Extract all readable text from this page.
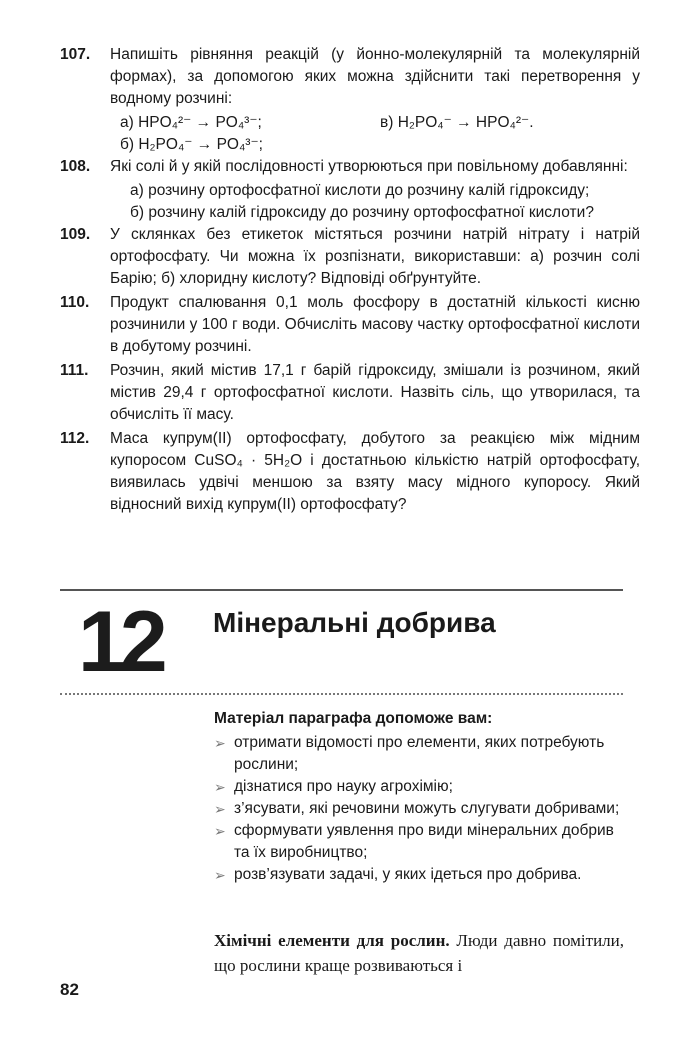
107.	Напишіть рівняння реакцій (у йонно-молекулярній та молекулярній формах), за допомогою яких можна здійснити такі перетворення у водному розчині:
а) HPO₄²⁻ → PO₄³⁻;	в) H₂PO₄⁻ → HPO₄²⁻.
б) H₂PO₄⁻ → PO₄³⁻;
108.	Які солі й у якій послідовності утворюються при повільному добавлянні:
а) розчину ортофосфатної кислоти до розчину калій гідроксиду;
б) розчину калій гідроксиду до розчину ортофосфатної кислоти?
109.	У склянках без етикеток містяться розчини натрій нітрату і натрій ортофосфату. Чи можна їх розпізнати, використавши: а) розчин солі Барію; б) хлоридну кислоту? Відповіді обґрунтуйте.
110.	Продукт спалювання 0,1 моль фосфору в достатній кількості кисню розчинили у 100 г води. Обчисліть масову частку ортофосфатної кислоти в добутому розчині.
111.	Розчин, який містив 17,1 г барій гідроксиду, змішали із розчином, який містив 29,4 г ортофосфатної кислоти. Назвіть сіль, що утворилася, та обчисліть її масу.
112.	Маса купрум(ІІ) ортофосфату, добутого за реакцією між мідним купоросом CuSO₄ · 5H₂O і достатньою кількістю натрій ортофосфату, виявилась удвічі меншою за взяту масу мідного купоросу. Який відносний вихід купрум(ІІ) ортофосфату?
12 Мінеральні добрива
Матеріал параграфа допоможе вам:
➢ отримати відомості про елементи, яких потребують рослини;
➢ дізнатися про науку агрохімію;
➢ з’ясувати, які речовини можуть слугувати добривами;
➢ сформувати уявлення про види мінеральних добрив та їх виробництво;
➢ розв’язувати задачі, у яких ідеться про добрива.
Хімічні елементи для рослин. Люди давно помітили, що рослини краще розвиваються і
82
